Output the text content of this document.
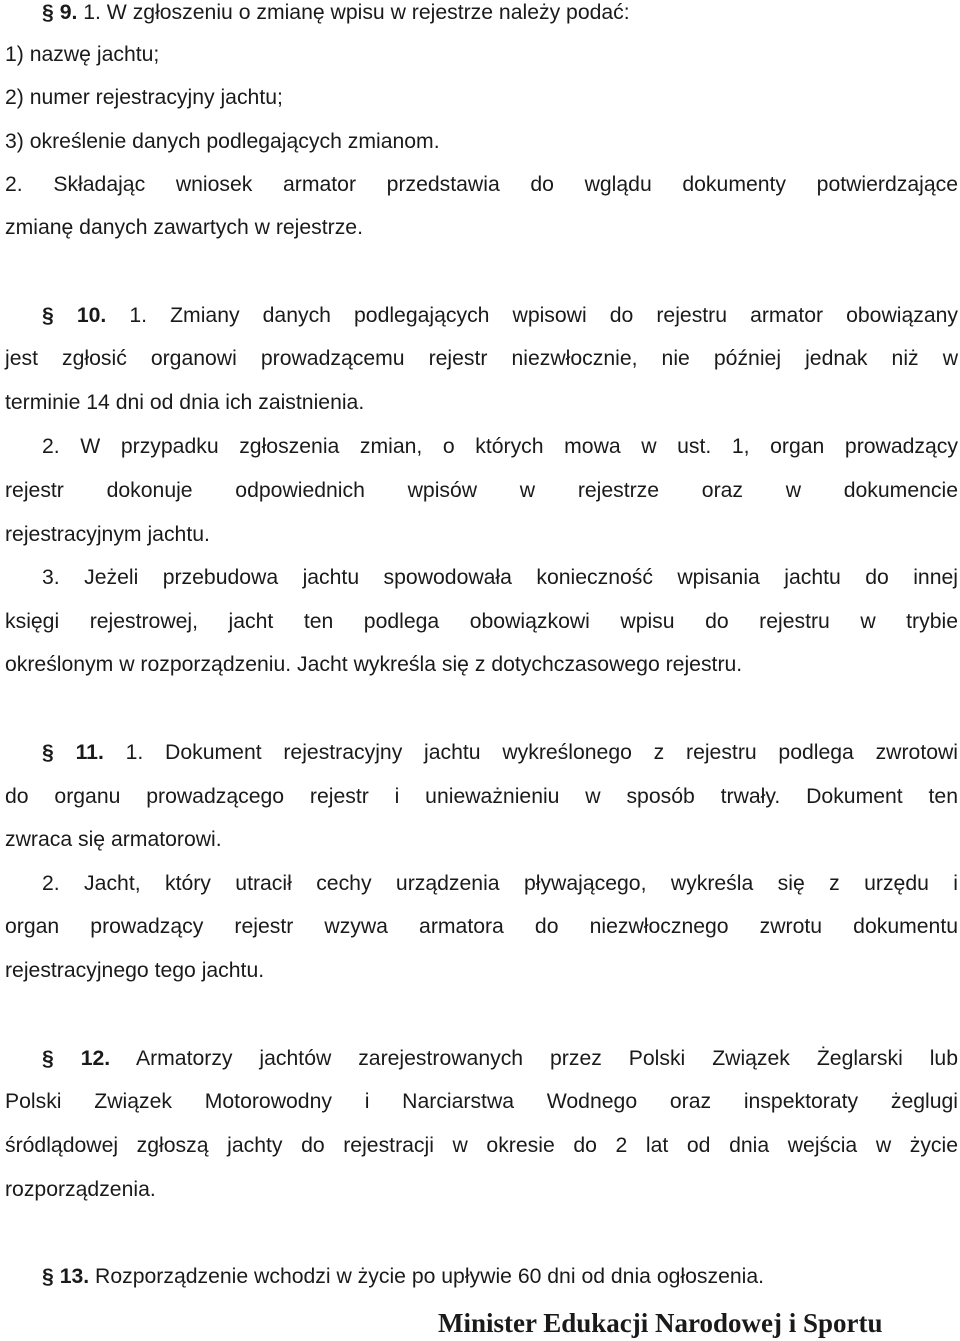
§ 9. 1. W zgłoszeniu o zmianę wpisu w rejestrze należy podać:
1) nazwę jachtu;
2) numer rejestracyjny jachtu;
3) określenie danych podlegających zmianom.
2. Składając wniosek armator przedstawia do wglądu dokumenty potwierdzające
zmianę danych zawartych w rejestrze.
§ 10. 1. Zmiany danych podlegających wpisowi do rejestru armator obowiązany
jest zgłosić organowi prowadzącemu rejestr niezwłocznie, nie później jednak niż w
terminie 14 dni od dnia ich zaistnienia.
2. W przypadku zgłoszenia zmian, o których mowa w ust. 1, organ prowadzący
rejestr dokonuje odpowiednich wpisów w rejestrze oraz w dokumencie
rejestracyjnym jachtu.
3. Jeżeli przebudowa jachtu spowodowała konieczność wpisania jachtu do innej
księgi rejestrowej, jacht ten podlega obowiązkowi wpisu do rejestru w trybie
określonym w rozporządzeniu. Jacht wykreśla się z dotychczasowego rejestru.
§ 11. 1. Dokument rejestracyjny jachtu wykreślonego z rejestru podlega zwrotowi
do organu prowadzącego rejestr i unieważnieniu w sposób trwały. Dokument ten
zwraca się armatorowi.
2. Jacht, który utracił cechy urządzenia pływającego, wykreśla się z urzędu i
organ prowadzący rejestr wzywa armatora do niezwłocznego zwrotu dokumentu
rejestracyjnego tego jachtu.
§ 12. Armatorzy jachtów zarejestrowanych przez Polski Związek Żeglarski lub
Polski Związek Motorowodny i Narciarstwa Wodnego oraz inspektoraty żeglugi
śródlądowej zgłoszą jachty do rejestracji w okresie do 2 lat od dnia wejścia w życie
rozporządzenia.
§ 13. Rozporządzenie wchodzi w życie po upływie 60 dni od dnia ogłoszenia.
Minister Edukacji Narodowej i Sportu
